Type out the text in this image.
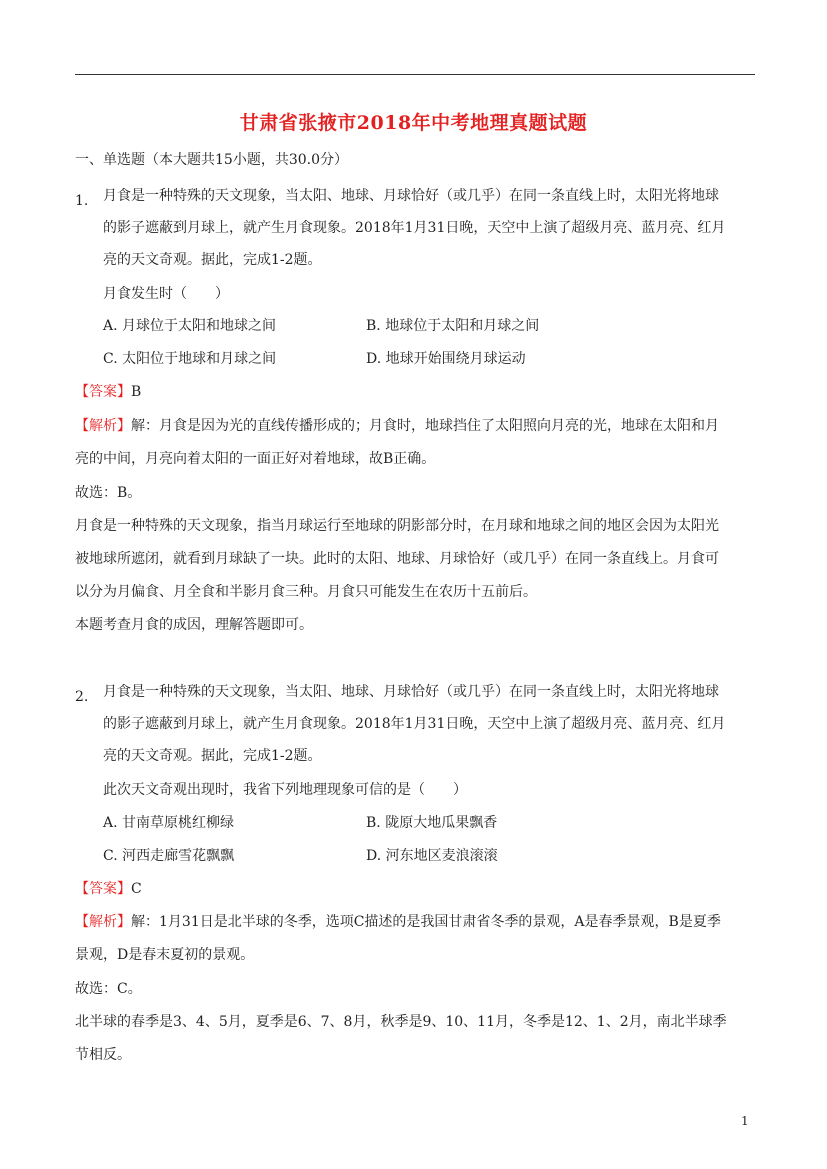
甘肃省张掖市2018年中考地理真题试题
一、单选题（本大题共15小题，共30.0分）
1. 月食是一种特殊的天文现象，当太阳、地球、月球恰好（或几乎）在同一条直线上时，太阳光将地球
的影子遮蔽到月球上，就产生月食现象。2018年1月31日晚，天空中上演了超级月亮、蓝月亮、红月
亮的天文奇观。据此，完成1-2题。
月食发生时（　　）
A. 月球位于太阳和地球之间	B. 地球位于太阳和月球之间
C. 太阳位于地球和月球之间	D. 地球开始围绕月球运动
【答案】B
【解析】解：月食是因为光的直线传播形成的；月食时，地球挡住了太阳照向月亮的光，地球在太阳和月
亮的中间，月亮向着太阳的一面正好对着地球，故B正确。
故选：B。
月食是一种特殊的天文现象，指当月球运行至地球的阴影部分时，在月球和地球之间的地区会因为太阳光
被地球所遮闭，就看到月球缺了一块。此时的太阳、地球、月球恰好（或几乎）在同一条直线上。月食可
以分为月偏食、月全食和半影月食三种。月食只可能发生在农历十五前后。
本题考查月食的成因，理解答题即可。
2. 月食是一种特殊的天文现象，当太阳、地球、月球恰好（或几乎）在同一条直线上时，太阳光将地球
的影子遮蔽到月球上，就产生月食现象。2018年1月31日晚，天空中上演了超级月亮、蓝月亮、红月
亮的天文奇观。据此，完成1-2题。
此次天文奇观出现时，我省下列地理现象可信的是（　　）
A. 甘南草原桃红柳绿	B. 陇原大地瓜果飘香
C. 河西走廊雪花飘飘	D. 河东地区麦浪滚滚
【答案】C
【解析】解：1月31日是北半球的冬季，选项C描述的是我国甘肃省冬季的景观，A是春季景观，B是夏季
景观，D是春末夏初的景观。
故选：C。
北半球的春季是3、4、5月，夏季是6、7、8月，秋季是9、10、11月，冬季是12、1、2月，南北半球季
节相反。
1
